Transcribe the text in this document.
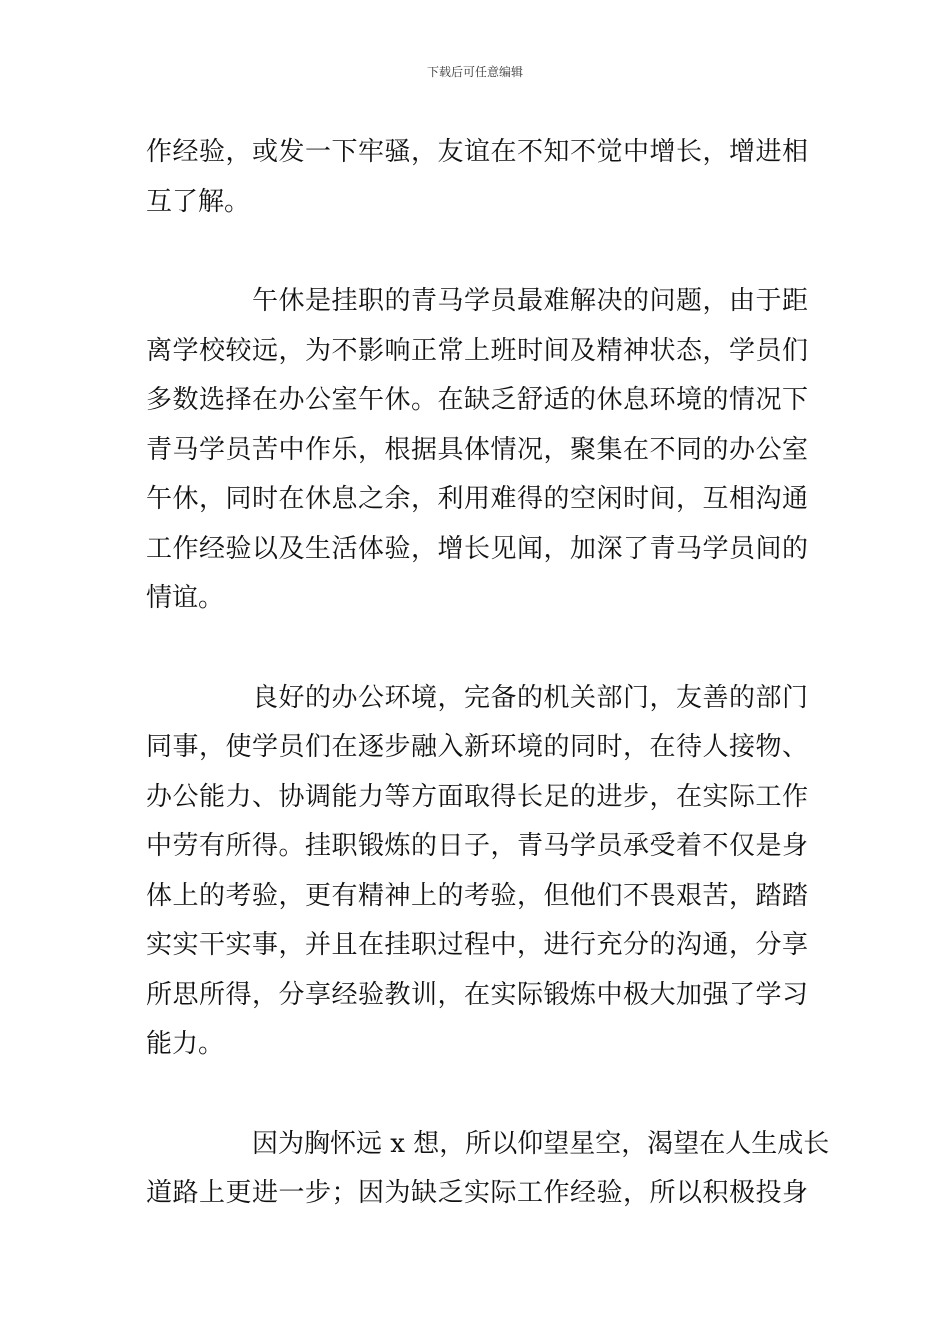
下载后可任意编辑
作经验，或发一下牢骚，友谊在不知不觉中增长，增进相
互了解。
午休是挂职的青马学员最难解决的问题，由于距
离学校较远，为不影响正常上班时间及精神状态，学员们
多数选择在办公室午休。在缺乏舒适的休息环境的情况下
青马学员苦中作乐，根据具体情况，聚集在不同的办公室
午休，同时在休息之余，利用难得的空闲时间，互相沟通
工作经验以及生活体验，增长见闻，加深了青马学员间的
情谊。
良好的办公环境，完备的机关部门，友善的部门
同事，使学员们在逐步融入新环境的同时，在待人接物、
办公能力、协调能力等方面取得长足的进步，在实际工作
中劳有所得。挂职锻炼的日子，青马学员承受着不仅是身
体上的考验，更有精神上的考验，但他们不畏艰苦，踏踏
实实干实事，并且在挂职过程中，进行充分的沟通，分享
所思所得，分享经验教训，在实际锻炼中极大加强了学习
能力。
因为胸怀远 x 想，所以仰望星空，渴望在人生成长
道路上更进一步；因为缺乏实际工作经验，所以积极投身
